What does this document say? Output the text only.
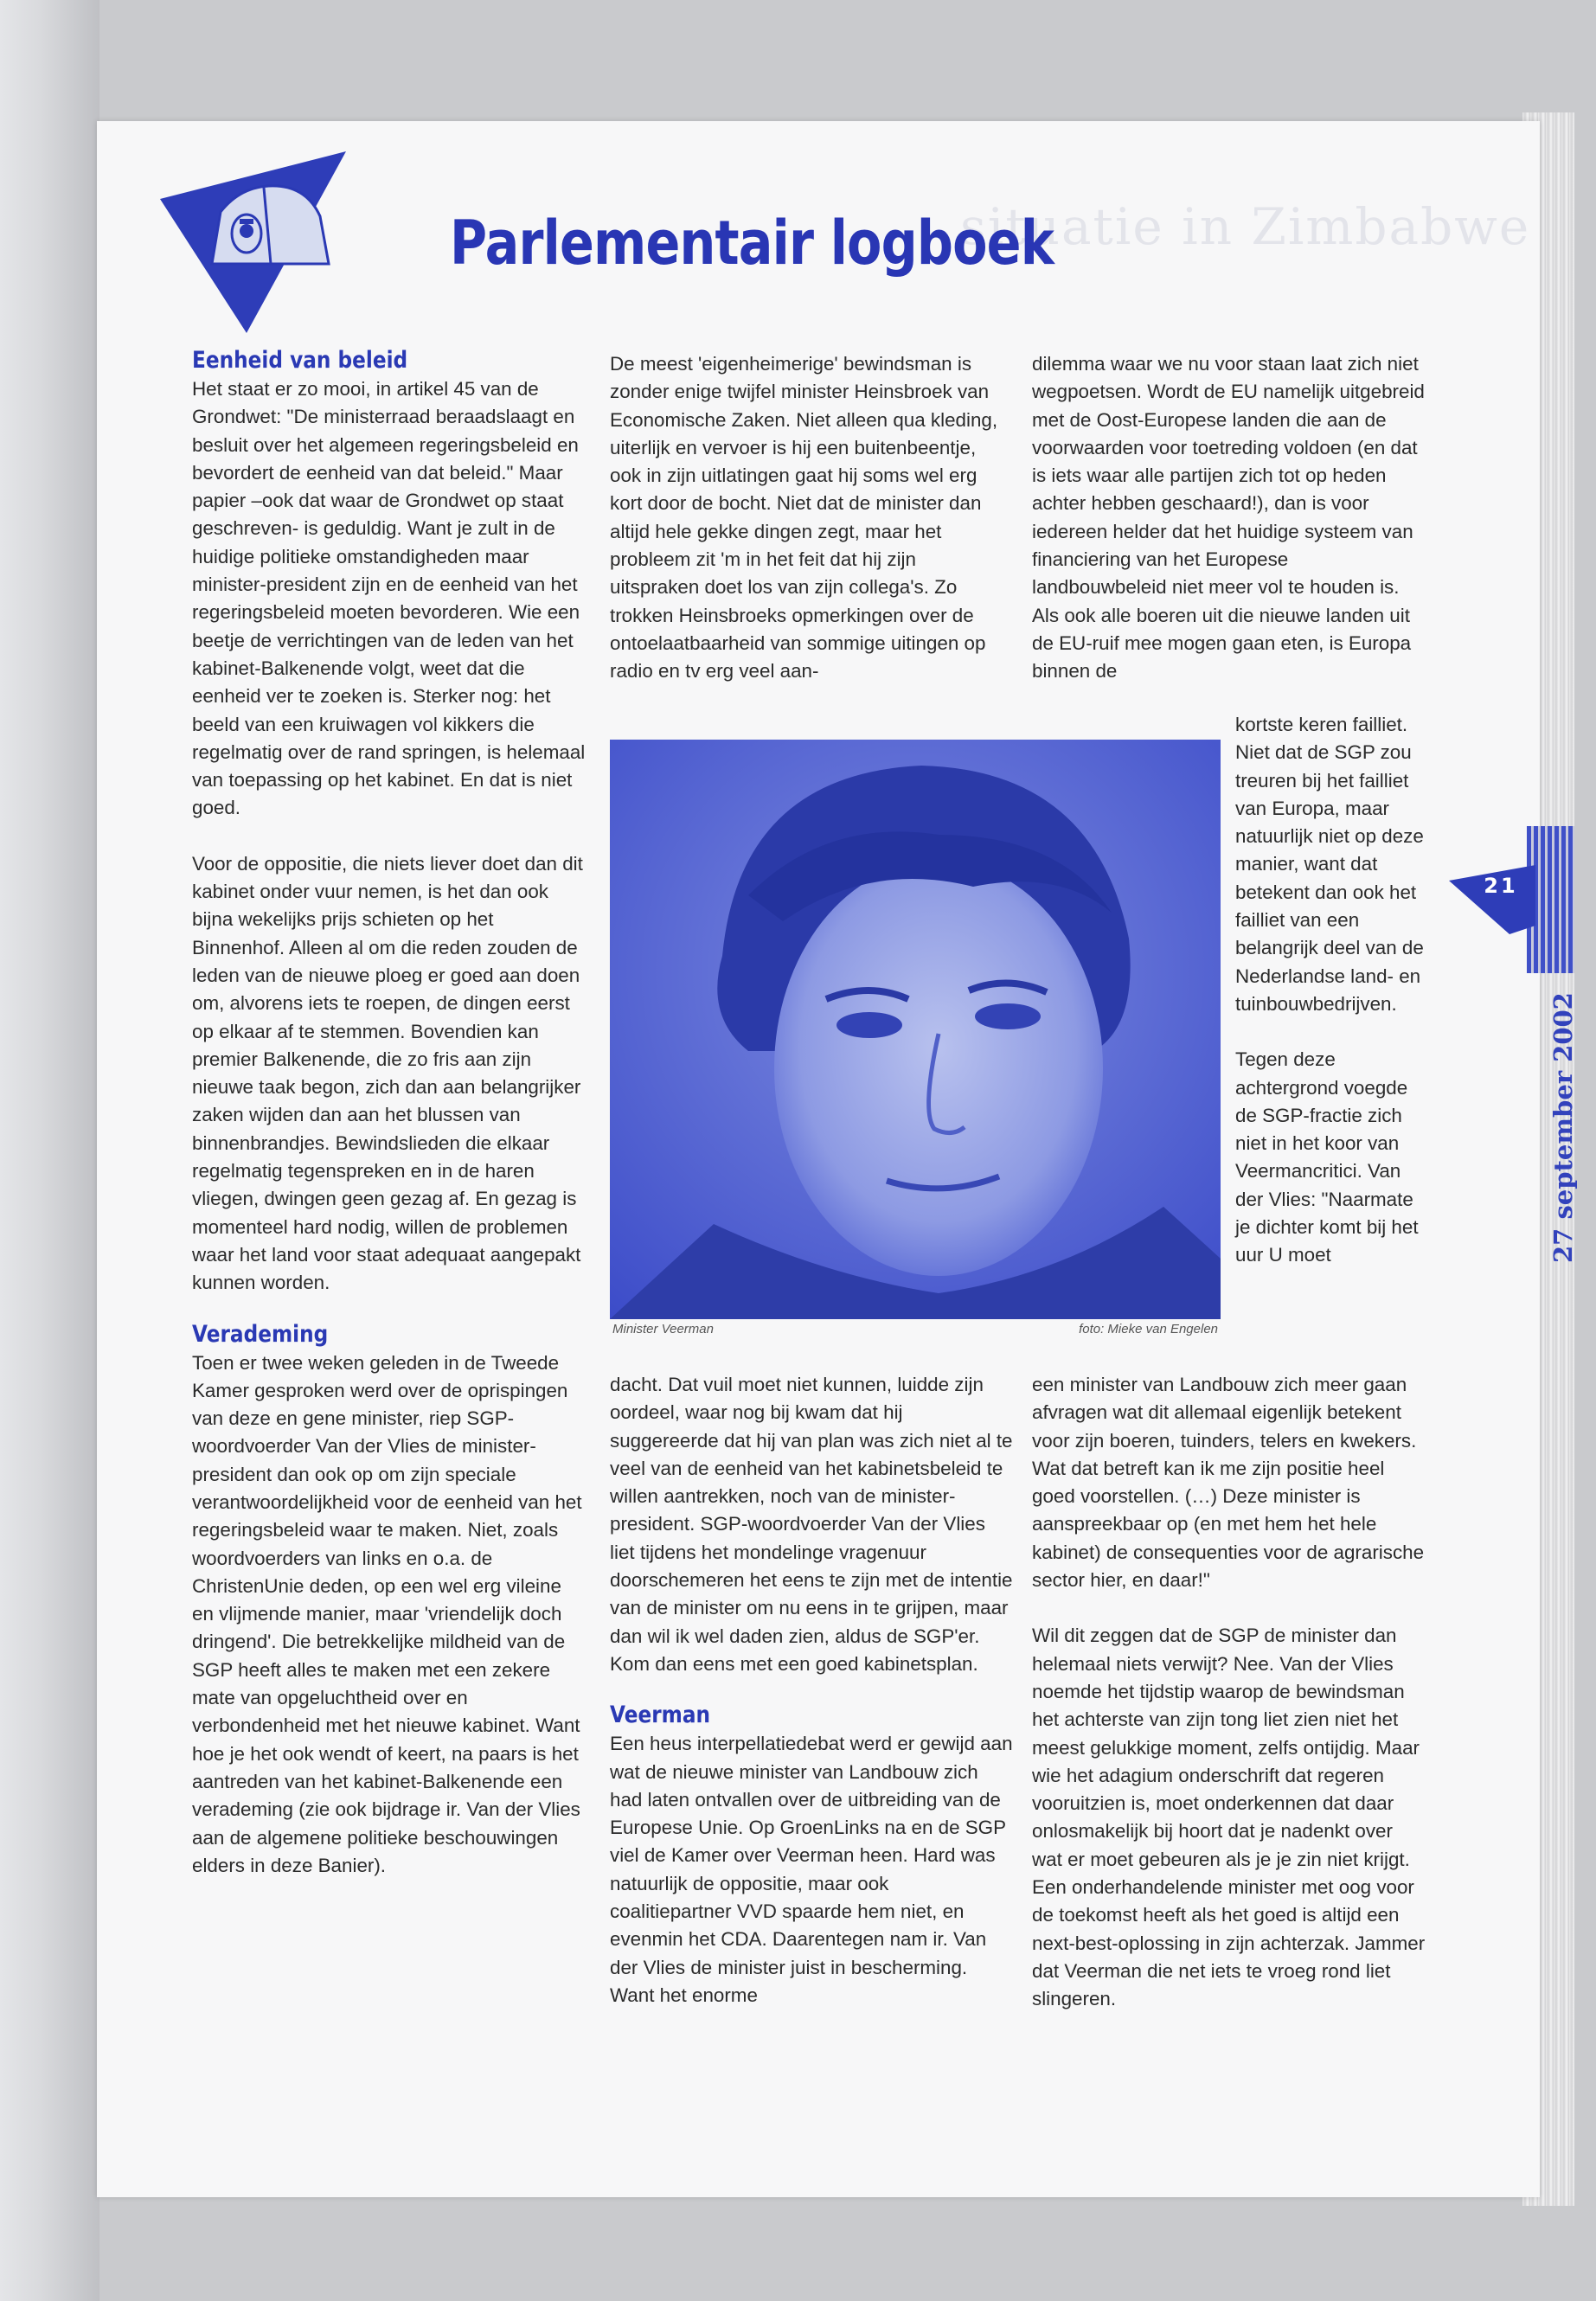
situatie in Zimbabwe
Parlementair logboek
Eenheid van beleid

Het staat er zo mooi, in artikel 45 van de Grondwet: "De ministerraad beraadslaagt en besluit over het algemeen regeringsbeleid en bevordert de eenheid van dat beleid." Maar papier –ook dat waar de Grondwet op staat geschreven- is geduldig. Want je zult in de huidige politieke omstandigheden maar minister-president zijn en de eenheid van het regeringsbeleid moeten bevorderen. Wie een beetje de verrichtingen van de leden van het kabinet-Balkenende volgt, weet dat die eenheid ver te zoeken is. Sterker nog: het beeld van een kruiwagen vol kikkers die regelmatig over de rand springen, is helemaal van toepassing op het kabinet. En dat is niet goed.

Voor de oppositie, die niets liever doet dan dit kabinet onder vuur nemen, is het dan ook bijna wekelijks prijs schieten op het Binnenhof. Alleen al om die reden zouden de leden van de nieuwe ploeg er goed aan doen om, alvorens iets te roepen, de dingen eerst op elkaar af te stemmen. Bovendien kan premier Balkenende, die zo fris aan zijn nieuwe taak begon, zich dan aan belangrijker zaken wijden dan aan het blussen van binnenbrandjes. Bewindslieden die elkaar regelmatig tegenspreken en in de haren vliegen, dwingen geen gezag af. En gezag is momenteel hard nodig, willen de problemen waar het land voor staat adequaat aangepakt kunnen worden.

Verademing

Toen er twee weken geleden in de Tweede Kamer gesproken werd over de oprispingen van deze en gene minister, riep SGP-woordvoerder Van der Vlies de minister-president dan ook op om zijn speciale verantwoordelijkheid voor de eenheid van het regeringsbeleid waar te maken. Niet, zoals woordvoerders van links en o.a. de ChristenUnie deden, op een wel erg vileine en vlijmende manier, maar 'vriendelijk doch dringend'. Die betrekkelijke mildheid van de SGP heeft alles te maken met een zekere mate van opgeluchtheid over en verbondenheid met het nieuwe kabinet. Want hoe je het ook wendt of keert, na paars is het aantreden van het kabinet-Balkenende een verademing (zie ook bijdrage ir. Van der Vlies aan de algemene politieke beschouwingen elders in deze Banier).

De meest 'eigenheimerige' bewindsman is zonder enige twijfel minister Heinsbroek van Economische Zaken. Niet alleen qua kleding, uiterlijk en vervoer is hij een buitenbeentje, ook in zijn uitlatingen gaat hij soms wel erg kort door de bocht. Niet dat de minister dan altijd hele gekke dingen zegt, maar het probleem zit 'm in het feit dat hij zijn uitspraken doet los van zijn collega's. Zo trokken Heinsbroeks opmerkingen over de ontoelaatbaarheid van sommige uitingen op radio en tv erg veel aan-

Minister Veerman	foto: Mieke van Engelen

dacht. Dat vuil moet niet kunnen, luidde zijn oordeel, waar nog bij kwam dat hij suggereerde dat hij van plan was zich niet al te veel van de eenheid van het kabinetsbeleid te willen aantrekken, noch van de minister-president. SGP-woordvoerder Van der Vlies liet tijdens het mondelinge vragenuur doorschemeren het eens te zijn met de intentie van de minister om nu eens in te grijpen, maar dan wil ik wel daden zien, aldus de SGP'er. Kom dan eens met een goed kabinetsplan.

Veerman

Een heus interpellatiedebat werd er gewijd aan wat de nieuwe minister van Landbouw zich had laten ontvallen over de uitbreiding van de Europese Unie. Op GroenLinks na en de SGP viel de Kamer over Veerman heen. Hard was natuurlijk de oppositie, maar ook coalitiepartner VVD spaarde hem niet, en evenmin het CDA. Daarentegen nam ir. Van der Vlies de minister juist in bescherming. Want het enorme

dilemma waar we nu voor staan laat zich niet wegpoetsen. Wordt de EU namelijk uitgebreid met de Oost-Europese landen die aan de voorwaarden voor toetreding voldoen (en dat is iets waar alle partijen zich tot op heden achter hebben geschaard!), dan is voor iedereen helder dat het huidige systeem van financiering van het Europese landbouwbeleid niet meer vol te houden is. Als ook alle boeren uit die nieuwe landen uit de EU-ruif mee mogen gaan eten, is Europa binnen de

kortste keren failliet. Niet dat de SGP zou treuren bij het failliet van Europa, maar natuurlijk niet op deze manier, want dat betekent dan ook het failliet van een belangrijk deel van de Nederlandse land- en tuinbouwbedrijven.

Tegen deze achtergrond voegde de SGP-fractie zich niet in het koor van Veermancritici. Van der Vlies: "Naarmate je dichter komt bij het uur U moet

een minister van Landbouw zich meer gaan afvragen wat dit allemaal eigenlijk betekent voor zijn boeren, tuinders, telers en kwekers. Wat dat betreft kan ik me zijn positie heel goed voorstellen. (…) Deze minister is aanspreekbaar op (en met hem het hele kabinet) de consequenties voor de agrarische sector hier, en daar!"

Wil dit zeggen dat de SGP de minister dan helemaal niets verwijt? Nee. Van der Vlies noemde het tijdstip waarop de bewindsman het achterste van zijn tong liet zien niet het meest gelukkige moment, zelfs ontijdig. Maar wie het adagium onderschrift dat regeren vooruitzien is, moet onderkennen dat daar onlosmakelijk bij hoort dat je nadenkt over wat er moet gebeuren als je je zin niet krijgt. Een onderhandelende minister met oog voor de toekomst heeft als het goed is altijd een next-best-oplossing in zijn achterzak. Jammer dat Veerman die net iets te vroeg rond liet slingeren.

21
27 september 2002
